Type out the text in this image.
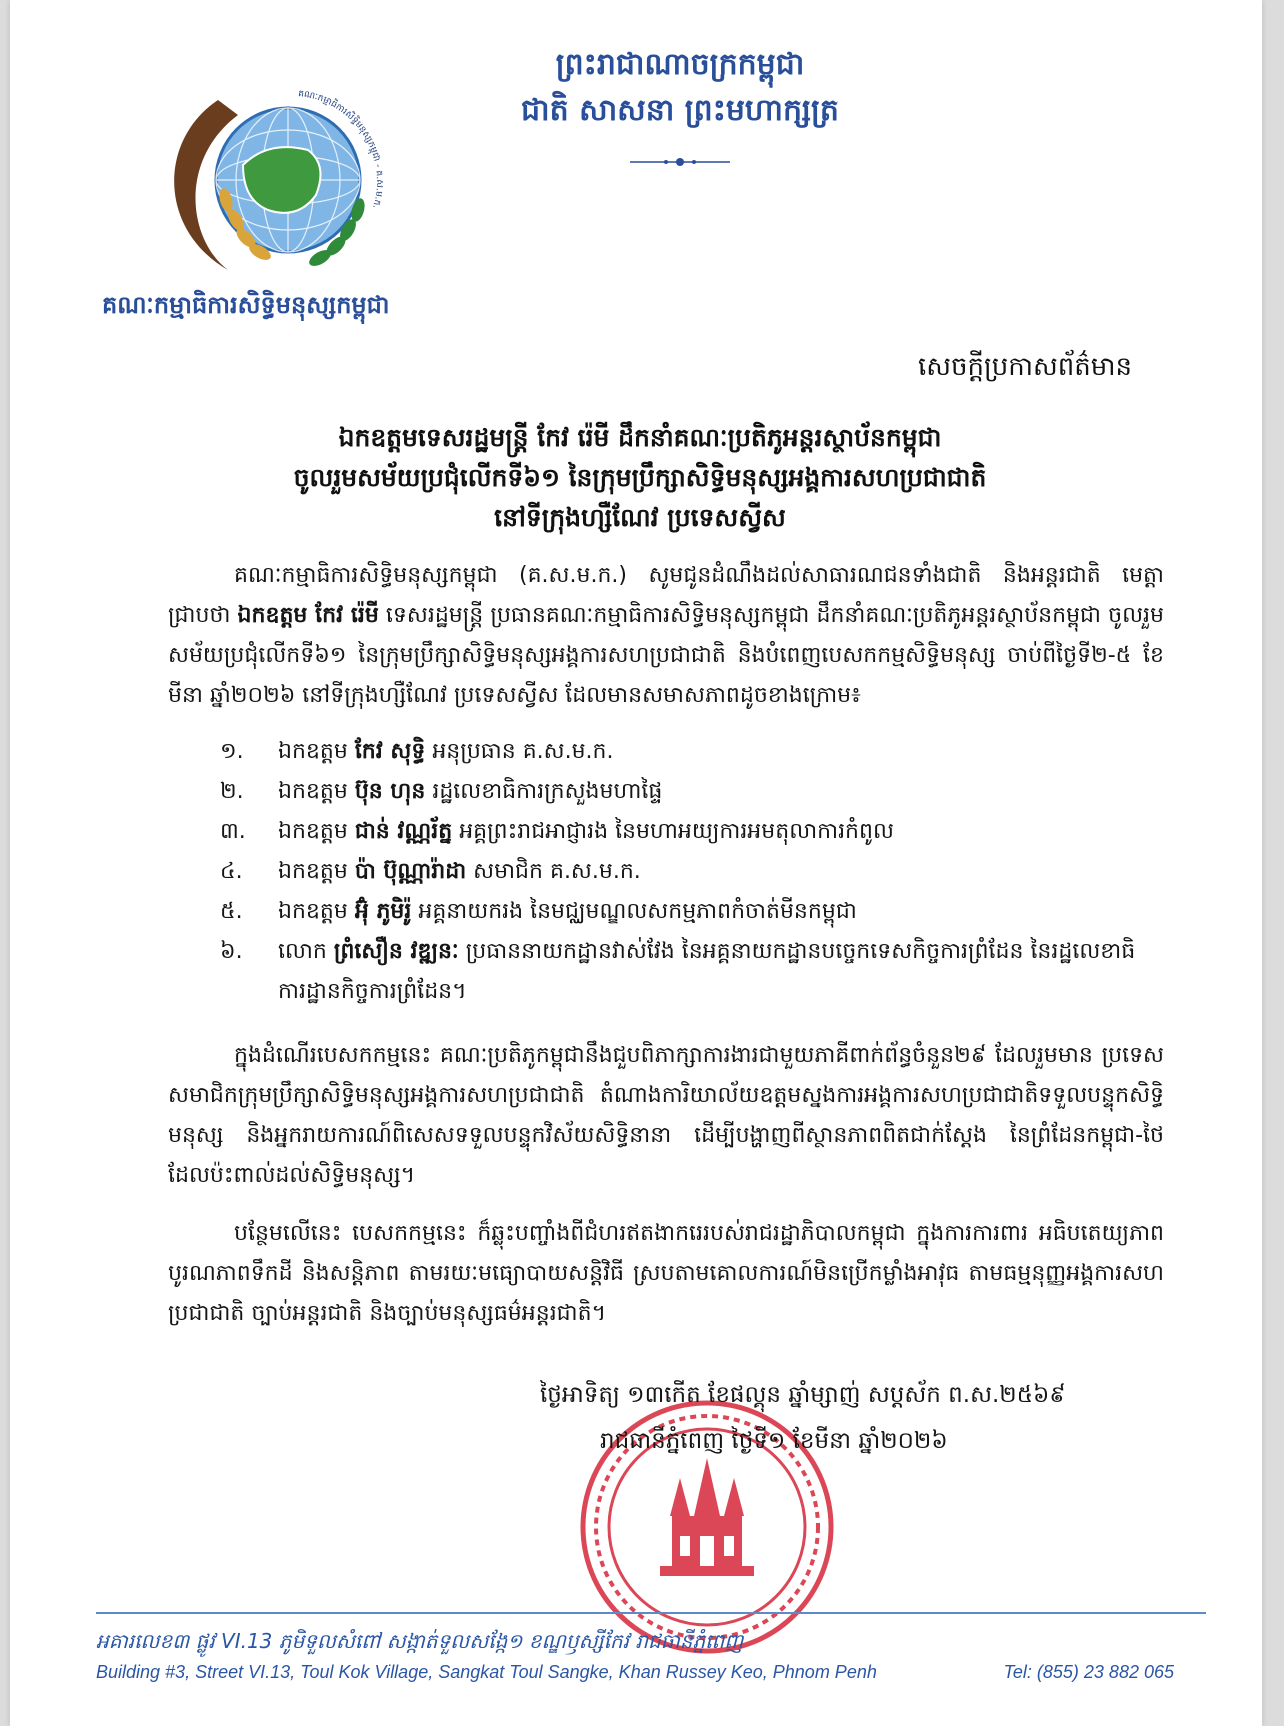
គណៈកម្មាធិការសិទ្ធិមនុស្សកម្ពុជា - គ.ស.ម.ក.
គណៈកម្មាធិការសិទ្ធិមនុស្សកម្ពុជា
ព្រះរាជាណាចក្រកម្ពុជា
ជាតិ សាសនា ព្រះមហាក្សត្រ
សេចក្តីប្រកាសព័ត៌មាន
ឯកឧត្តមទេសរដ្ឋមន្ត្រី កែវ រ៉េមី ដឹកនាំគណៈប្រតិភូអន្តរស្ថាប័នកម្ពុជា
ចូលរួមសម័យប្រជុំលើកទី៦១ នៃក្រុមប្រឹក្សាសិទ្ធិមនុស្សអង្គការសហប្រជាជាតិ
នៅទីក្រុងហ្សឺណែវ ប្រទេសស្វីស

គណៈកម្មាធិការសិទ្ធិមនុស្សកម្ពុជា (គ.ស.ម.ក.) សូមជូនដំណឹងដល់សាធារណជនទាំងជាតិ និងអន្តរជាតិ មេត្តាជ្រាបថា ឯកឧត្តម កែវ រ៉េមី ទេសរដ្ឋមន្ត្រី ប្រធានគណៈកម្មាធិការសិទ្ធិមនុស្សកម្ពុជា ដឹកនាំគណៈប្រតិភូអន្តរស្ថាប័នកម្ពុជា ចូលរួមសម័យប្រជុំលើកទី៦១ នៃក្រុមប្រឹក្សាសិទ្ធិមនុស្សអង្គការសហប្រជាជាតិ និងបំពេញបេសកកម្មសិទ្ធិមនុស្ស ចាប់ពីថ្ងៃទី២-៥ ខែមីនា ឆ្នាំ២០២៦ នៅទីក្រុងហ្សឺណែវ ប្រទេសស្វីស ដែលមានសមាសភាពដូចខាងក្រោម៖

១.	ឯកឧត្តម កែវ សុទ្ធិ អនុប្រធាន គ.ស.ម.ក.
២.	ឯកឧត្តម ប៊ុន ហុន រដ្ឋលេខាធិការក្រសួងមហាផ្ទៃ
៣.	ឯកឧត្តម ជាន់ វណ្ណរ័ត្ន អគ្គព្រះរាជអាជ្ញារង នៃមហាអយ្យការអមតុលាការកំពូល
៤.	ឯកឧត្តម ប៉ា ប៊ុណ្ណារ៉ាដា សមាជិក គ.ស.ម.ក.
៥.	ឯកឧត្តម អ៊ុំ ភូមិរ៉ូ អគ្គនាយករង នៃមជ្ឈមណ្ឌលសកម្មភាពកំចាត់មីនកម្ពុជា
៦.	លោក ព្រំសឿន វឌ្ឍនៈ ប្រធាននាយកដ្ឋានវាស់វែង នៃអគ្គនាយកដ្ឋានបច្ចេកទេសកិច្ចការព្រំដែន នៃរដ្ឋលេខាធិការដ្ឋានកិច្ចការព្រំដែន។

ក្នុងដំណើរបេសកកម្មនេះ គណៈប្រតិភូកម្ពុជានឹងជួបពិភាក្សាការងារជាមួយភាគីពាក់ព័ន្ធចំនួន២៩ ដែលរួមមាន ប្រទេសសមាជិកក្រុមប្រឹក្សាសិទ្ធិមនុស្សអង្គការសហប្រជាជាតិ តំណាងការិយាល័យឧត្តមស្នងការអង្គការសហប្រជាជាតិទទួលបន្ទុកសិទ្ធិមនុស្ស និងអ្នករាយការណ៍ពិសេសទទួលបន្ទុកវិស័យសិទ្ធិនានា ដើម្បីបង្ហាញពីស្ថានភាពពិតជាក់ស្តែង នៃព្រំដែនកម្ពុជា-ថៃ ដែលប៉ះពាល់ដល់សិទ្ធិមនុស្ស។

បន្ថែមលើនេះ បេសកកម្មនេះ ក៏ឆ្លុះបញ្ចាំងពីជំហរឥតងាករេរបស់រាជរដ្ឋាភិបាលកម្ពុជា ក្នុងការការពារ អធិបតេយ្យភាព បូរណភាពទឹកដី និងសន្តិភាព តាមរយៈមធ្យោបាយសន្តិវិធី ស្របតាមគោលការណ៍មិនប្រើកម្លាំងអាវុធ តាមធម្មនុញ្ញអង្គការសហប្រជាជាតិ ច្បាប់អន្តរជាតិ និងច្បាប់មនុស្សធម៌អន្តរជាតិ។

ថ្ងៃអាទិត្យ ១៣កើត ខែផល្គុន ឆ្នាំម្សាញ់ សប្តស័ក ព.ស.២៥៦៩
រាជធានីភ្នំពេញ ថ្ងៃទី១ ខែមីនា ឆ្នាំ២០២៦
អគារលេខ៣ ផ្លូវ VI.13 ភូមិទួលសំពៅ សង្កាត់ទួលសង្កែ១ ខណ្ឌឫស្សីកែវ រាជធានីភ្នំពេញ
Building #3, Street VI.13, Toul Kok Village, Sangkat Toul Sangke, Khan Russey Keo, Phnom Penh	Tel: (855) 23 882 065
